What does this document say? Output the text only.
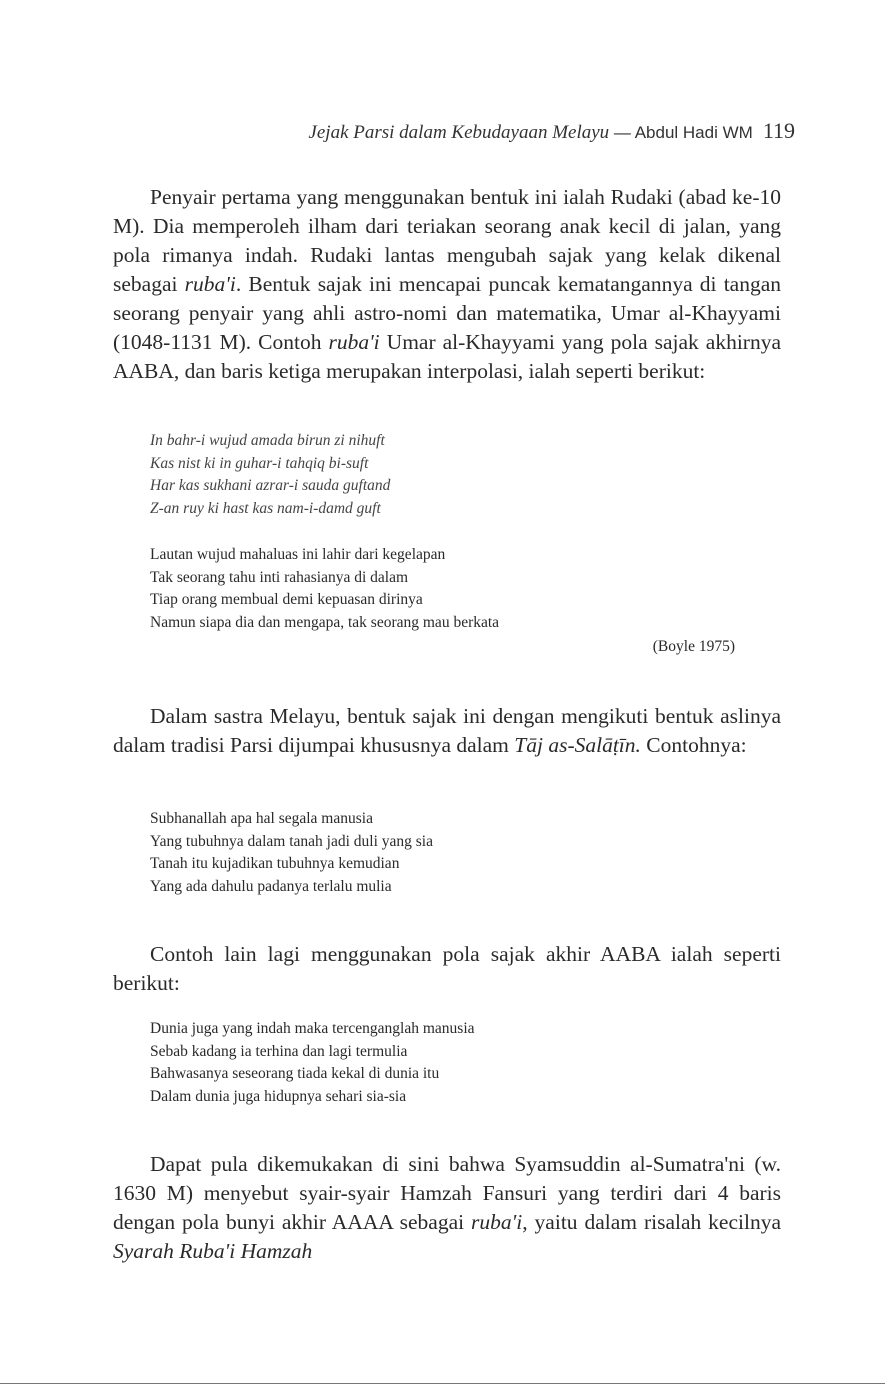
Jejak Parsi dalam Kebudayaan Melayu — Abdul Hadi WM 119

Penyair pertama yang menggunakan bentuk ini ialah Rudaki (abad ke-10 M). Dia memperoleh ilham dari teriakan seorang anak kecil di jalan, yang pola rimanya indah. Rudaki lantas mengubah sajak yang kelak dikenal sebagai ruba'i. Bentuk sajak ini mencapai puncak kematangannya di tangan seorang penyair yang ahli astro-nomi dan matematika, Umar al-Khayyami (1048-1131 M). Contoh ruba'i Umar al-Khayyami yang pola sajak akhirnya AABA, dan baris ketiga merupakan interpolasi, ialah seperti berikut:

In bahr-i wujud amada birun zi nihuft
Kas nist ki in guhar-i tahqiq bi-suft
Har kas sukhani azrar-i sauda guftand
Z-an ruy ki hast kas nam-i-damd guft
Lautan wujud mahaluas ini lahir dari kegelapan
Tak seorang tahu inti rahasianya di dalam
Tiap orang membual demi kepuasan dirinya
Namun siapa dia dan mengapa, tak seorang mau berkata
(Boyle 1975)

Dalam sastra Melayu, bentuk sajak ini dengan mengikuti bentuk aslinya dalam tradisi Parsi dijumpai khususnya dalam Tāj as-Salāṭīn. Contohnya:

Subhanallah apa hal segala manusia
Yang tubuhnya dalam tanah jadi duli yang sia
Tanah itu kujadikan tubuhnya kemudian
Yang ada dahulu padanya terlalu mulia

Contoh lain lagi menggunakan pola sajak akhir AABA ialah seperti berikut:

Dunia juga yang indah maka tercenganglah manusia
Sebab kadang ia terhina dan lagi termulia
Bahwasanya seseorang tiada kekal di dunia itu
Dalam dunia juga hidupnya sehari sia-sia

Dapat pula dikemukakan di sini bahwa Syamsuddin al-Sumatra'ni (w. 1630 M) menyebut syair-syair Hamzah Fansuri yang terdiri dari 4 baris dengan pola bunyi akhir AAAA sebagai ruba'i, yaitu dalam risalah kecilnya Syarah Ruba'i Hamzah
